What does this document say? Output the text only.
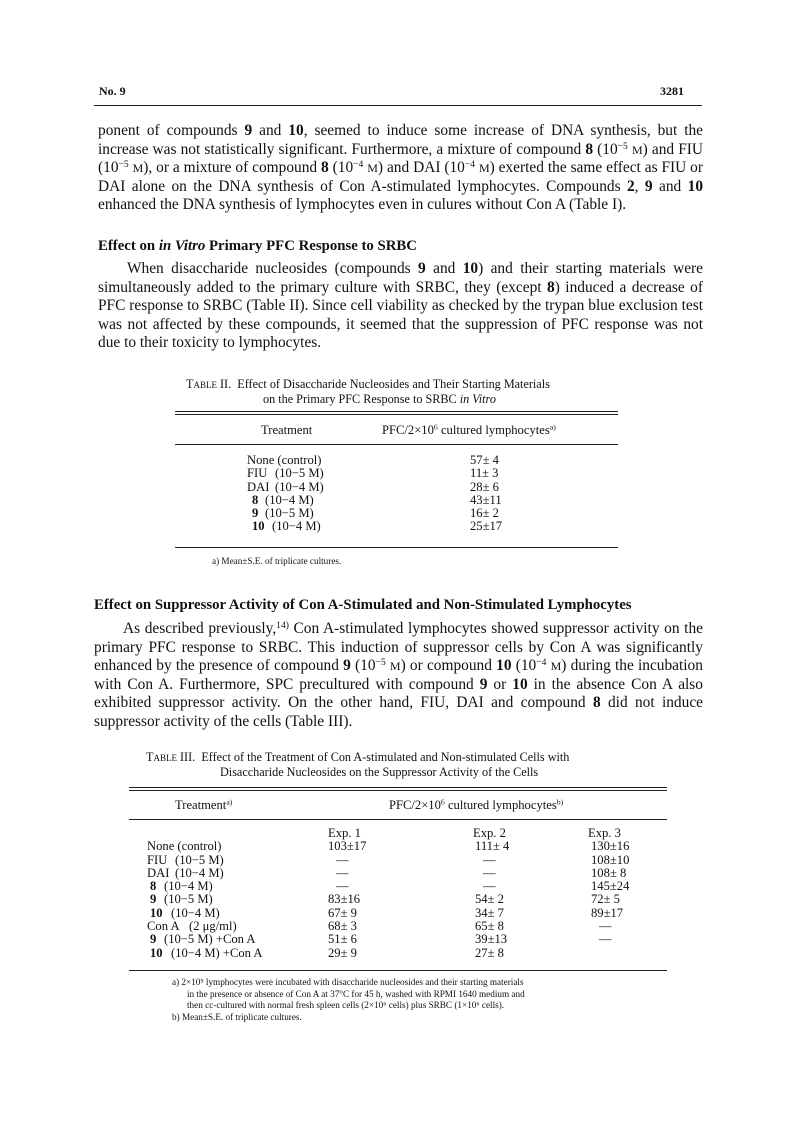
No. 9	3281

ponent of compounds 9 and 10, seemed to induce some increase of DNA synthesis, but the increase was not statistically significant. Furthermore, a mixture of compound 8 ($10^{-5}$ M) and FIU ($10^{-5}$ M), or a mixture of compound 8 ($10^{-4}$ M) and DAI ($10^{-4}$ M) exerted the same effect as FIU or DAI alone on the DNA synthesis of Con A-stimulated lymphocytes. Compounds 2, 9 and 10 enhanced the DNA synthesis of lymphocytes even in culures without Con A (Table I).

Effect on in Vitro Primary PFC Response to SRBC

When disaccharide nucleosides (compounds 9 and 10) and their starting materials were simultaneously added to the primary culture with SRBC, they (except 8) induced a decrease of PFC response to SRBC (Table II). Since cell viability as checked by the trypan blue exclusion test was not affected by these compounds, it seemed that the suppression of PFC response was not due to their toxicity to lymphocytes.

Table II. Effect of Disaccharide Nucleosides and Their Starting Materials
on the Primary PFC Response to SRBC in Vitro
Treatment	PFC/$2\times 10^6$ cultured lymphocytes$^{a)}$
None (control)	57± 4
FIU (10−5 M)	11± 3
DAI (10−4 M)	28± 6
8 (10−4 M)	43±11
9 (10−5 M)	16± 2
10 (10−4 M)	25±17
a) Mean±S.E. of triplicate cultures.
Effect on Suppressor Activity of Con A-Stimulated and Non-Stimulated Lymphocytes

As described previously,$^{14)}$ Con A-stimulated lymphocytes showed suppressor activity on the primary PFC response to SRBC. This induction of suppressor cells by Con A was significantly enhanced by the presence of compound 9 ($10^{-5}$ M) or compound 10 ($10^{-4}$ M) during the incubation with Con A. Furthermore, SPC precultured with compound 9 or 10 in the absence Con A also exhibited suppressor activity. On the other hand, FIU, DAI and compound 8 did not induce suppressor activity of the cells (Table III).

Table III. Effect of the Treatment of Con A-stimulated and Non-stimulated Cells with
Disaccharide Nucleosides on the Suppressor Activity of the Cells
Treatment$^{a)}$	PFC/$2\times 10^6$ cultured lymphocytes$^{b)}$
Exp. 1	Exp. 2	Exp. 3
None (control)	103±17	111± 4	130±16
FIU (10−5 M)	—	—	108±10
DAI (10−4 M)	—	—	108± 8
8 (10−4 M)	—	—	145±24
9 (10−5 M)	83±16	54± 2	72± 5
10 (10−4 M)	67± 9	34± 7	89±17
Con A (2 μg/ml)	68± 3	65± 8	—
9 (10−5 M) +Con A	51± 6	39±13	—
10 (10−4 M) +Con A	29± 9	27± 8
a) 2×10⁵ lymphocytes were incubated with disaccharide nucleosides and their starting materials
in the presence or absence of Con A at 37°C for 45 h, washed with RPMI 1640 medium and
then cc-cultured with normal fresh spleen cells (2×10⁶ cells) plus SRBC (1×10⁶ cells).
b) Mean±S.E. of triplicate cultures.
